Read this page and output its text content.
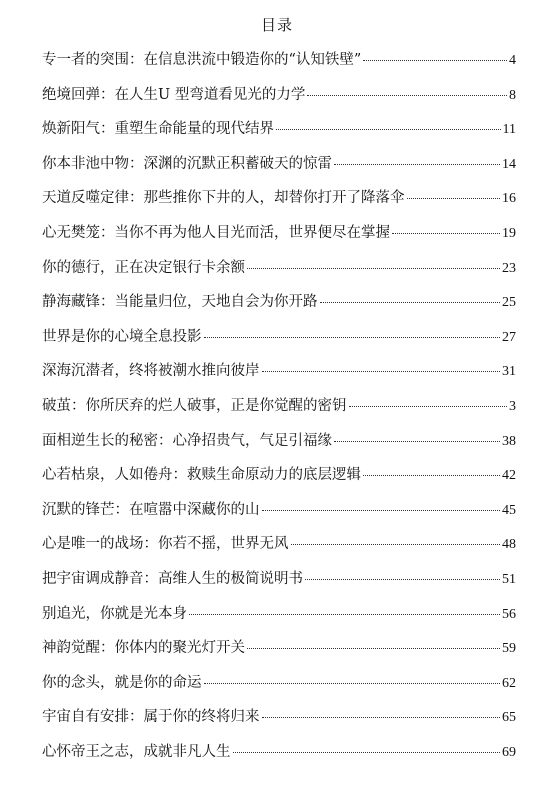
目录
专一者的突围：在信息洪流中锻造你的“认知铁壁”	4
绝境回弹：在人生U 型弯道看见光的力学	8
焕新阳气：重塑生命能量的现代结界	11
你本非池中物：深渊的沉默正积蓄破天的惊雷	14
天道反噬定律：那些推你下井的人，却替你打开了降落伞	16
心无樊笼：当你不再为他人目光而活，世界便尽在掌握	19
你的德行，正在决定银行卡余额	23
静海藏锋：当能量归位，天地自会为你开路	25
世界是你的心境全息投影	27
深海沉潜者，终将被潮水推向彼岸	31
破茧：你所厌弃的烂人破事，正是你觉醒的密钥	3
面相逆生长的秘密：心净招贵气，气足引福缘	38
心若枯泉，人如倦舟：救赎生命原动力的底层逻辑	42
沉默的锋芒：在喧嚣中深藏你的山	45
心是唯一的战场：你若不摇，世界无风	48
把宇宙调成静音：高维人生的极简说明书	51
别追光，你就是光本身	56
神韵觉醒：你体内的聚光灯开关	59
你的念头，就是你的命运	62
宇宙自有安排：属于你的终将归来	65
心怀帝王之志，成就非凡人生	69
